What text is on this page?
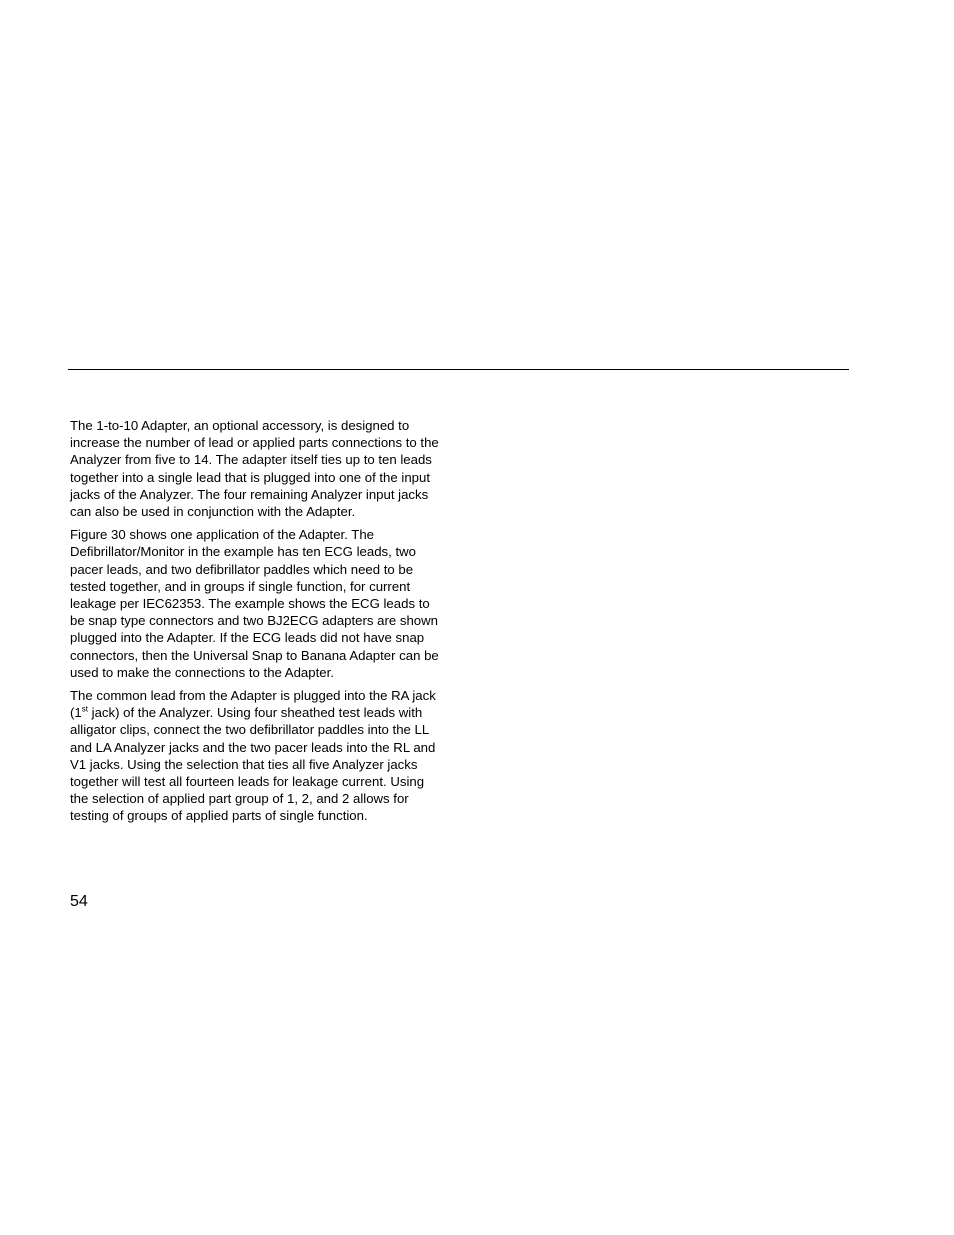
The 1-to-10 Adapter, an optional accessory, is designed to increase the number of lead or applied parts connections to the Analyzer from five to 14. The adapter itself ties up to ten leads together into a single lead that is plugged into one of the input jacks of the Analyzer. The four remaining Analyzer input jacks can also be used in conjunction with the Adapter.

Figure 30 shows one application of the Adapter. The Defibrillator/Monitor in the example has ten ECG leads, two pacer leads, and two defibrillator paddles which need to be tested together, and in groups if single function, for current leakage per IEC62353. The example shows the ECG leads to be snap type connectors and two BJ2ECG adapters are shown plugged into the Adapter. If the ECG leads did not have snap connectors, then the Universal Snap to Banana Adapter can be used to make the connections to the Adapter.

The common lead from the Adapter is plugged into the RA jack (1st jack) of the Analyzer. Using four sheathed test leads with alligator clips, connect the two defibrillator paddles into the LL and LA Analyzer jacks and the two pacer leads into the RL and V1 jacks. Using the selection that ties all five Analyzer jacks together will test all fourteen leads for leakage current. Using the selection of applied part group of 1, 2, and 2 allows for testing of groups of applied parts of single function.

54
